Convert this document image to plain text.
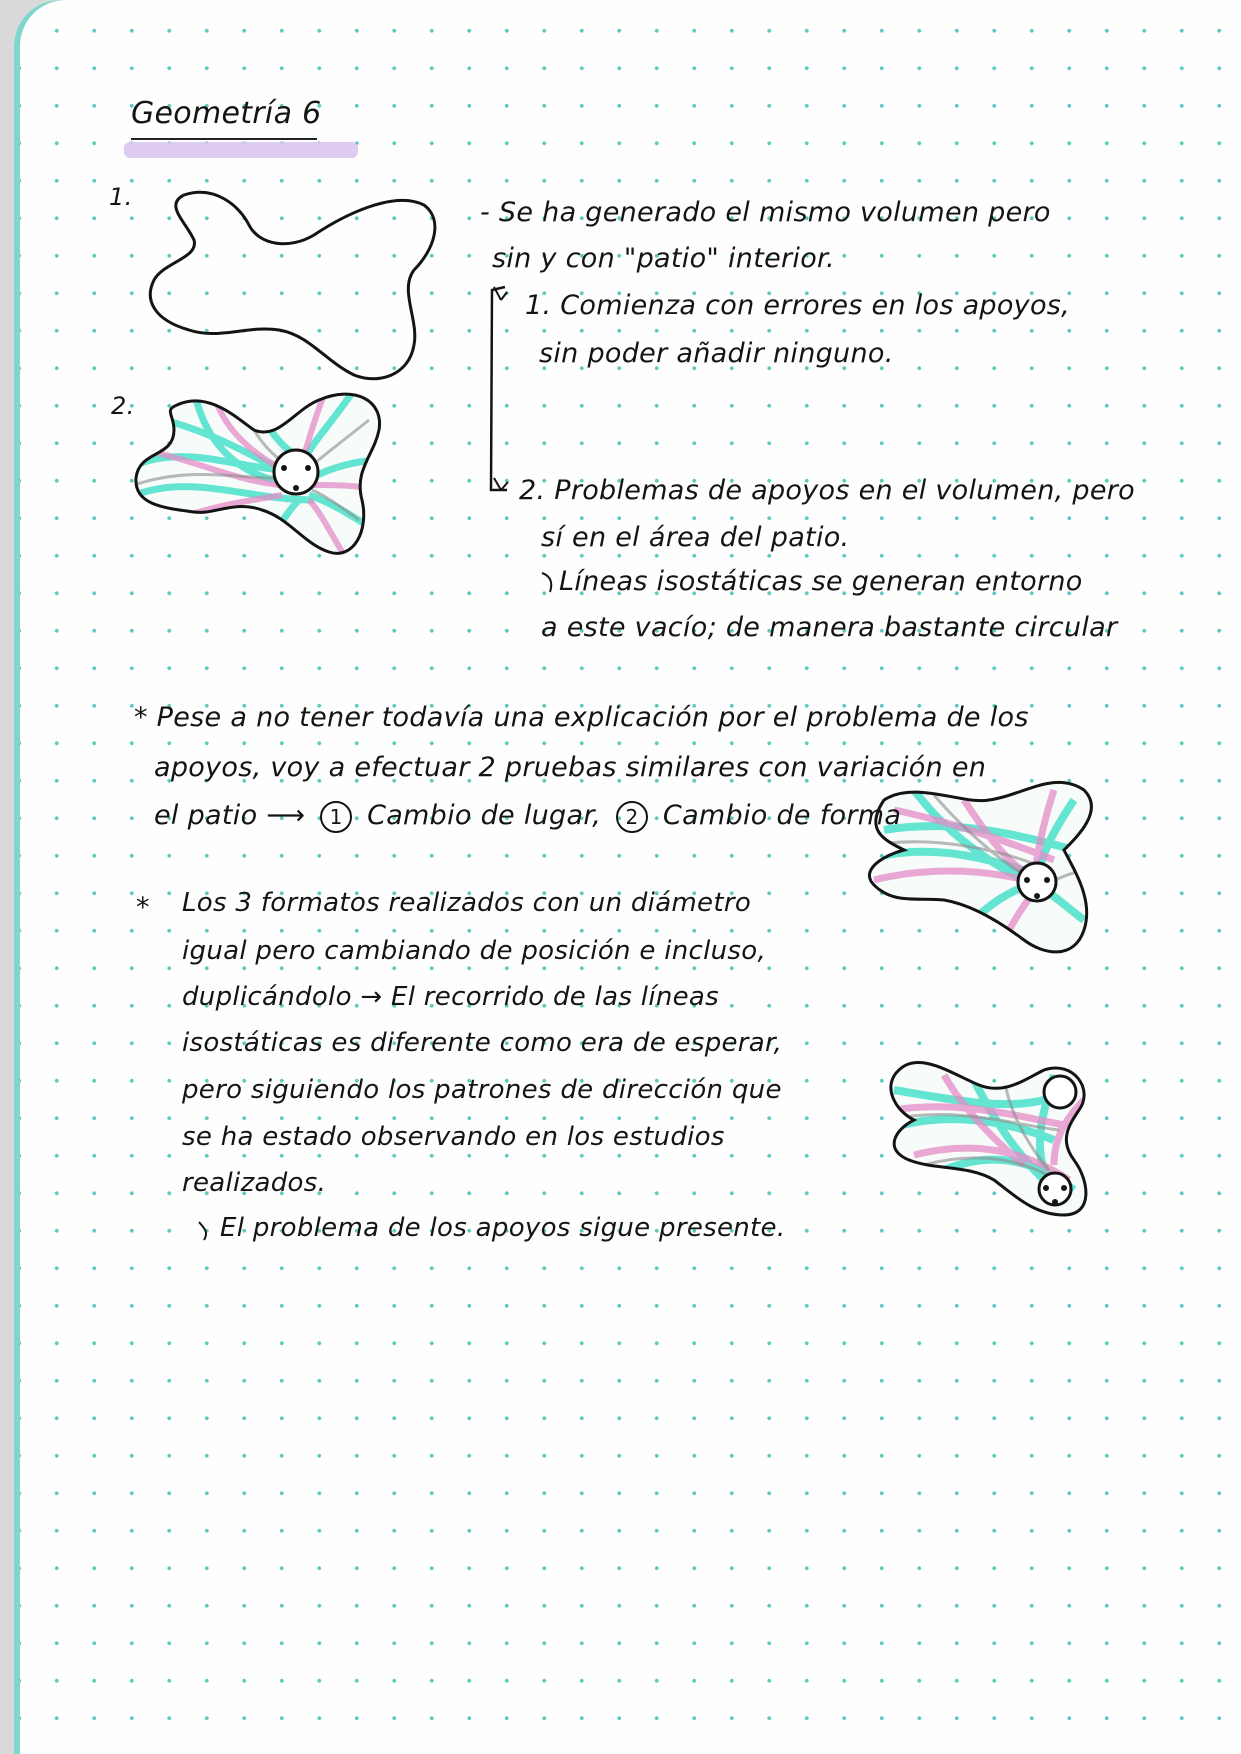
Geometría 6
1.
2.
- Se ha generado el mismo volumen pero
sin y con "patio" interior.
1. Comienza con errores en los apoyos,
sin poder añadir ninguno.
2. Problemas de apoyos en el volumen, pero
sí en el área del patio.
Líneas isostáticas se generan entorno
a este vacío; de manera bastante circular
* Pese a no tener todavía una explicación por el problema de los
apoyos, voy a efectuar 2 pruebas similares con variación en
el patio ⟶ 1 Cambio de lugar, 2 Cambio de forma
* Los 3 formatos realizados con un diámetro
igual pero cambiando de posición e incluso,
duplicándolo → El recorrido de las líneas
isostáticas es diferente como era de esperar,
pero siguiendo los patrones de dirección que
se ha estado observando en los estudios
realizados.
El problema de los apoyos sigue presente.
